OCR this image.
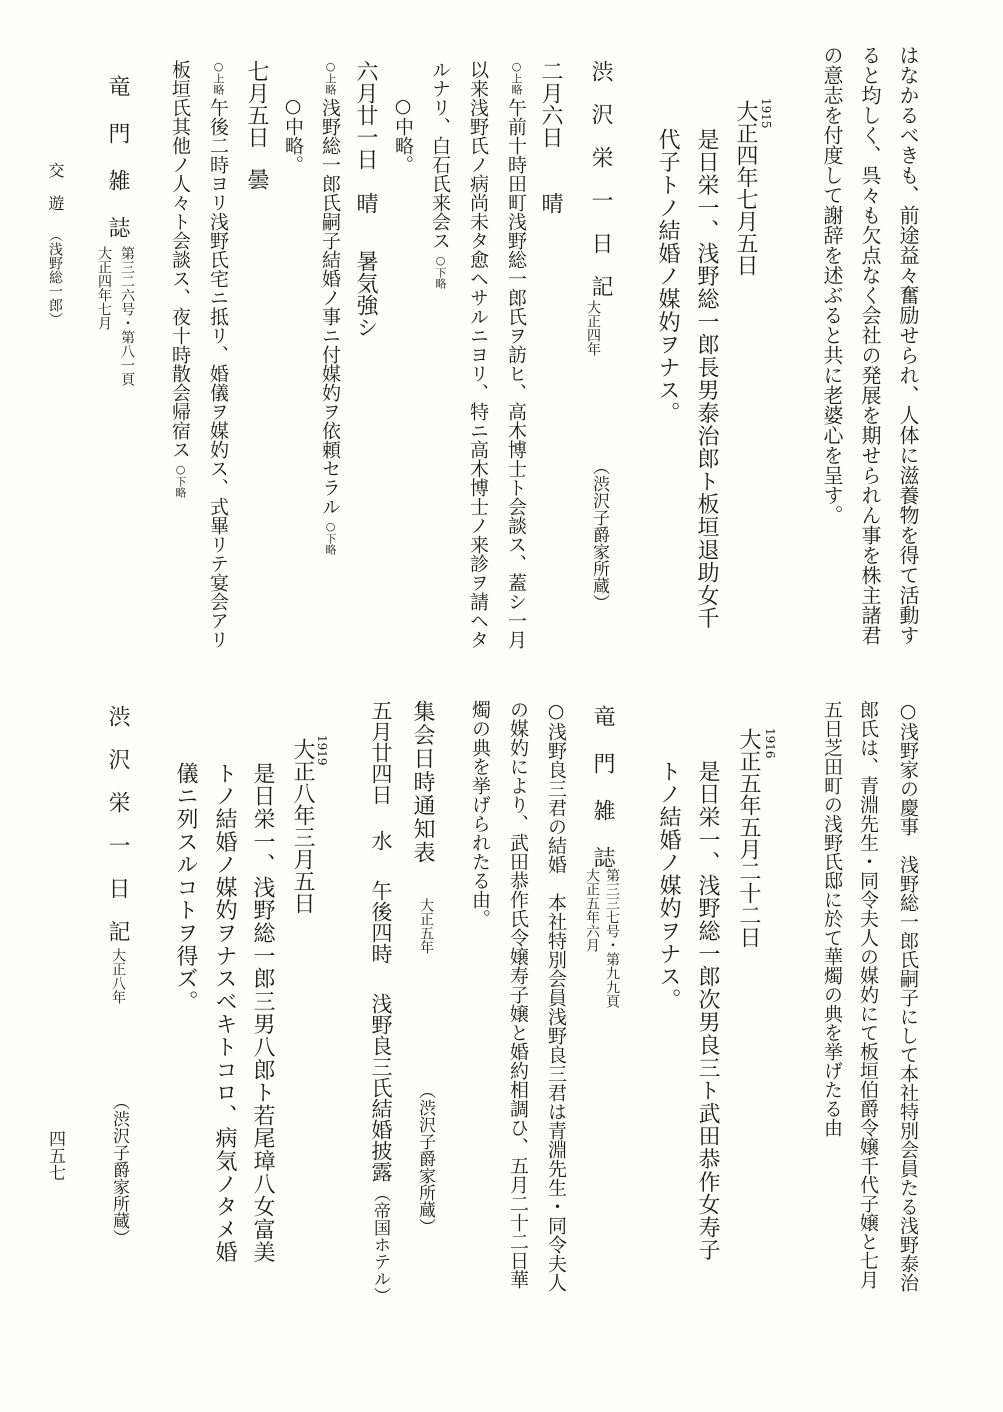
はなかるべきも、前途益々奮励せられ、人体に滋養物を得て活動す
ると均しく、呉々も欠点なく会社の発展を期せられん事を株主諸君
の意志を付度して謝辞を述ぶると共に老婆心を呈す。
1915
大正四年七月五日
是日栄一、浅野総一郎長男泰治郎ト板垣退助女千
代子トノ結婚ノ媒妁ヲナス。
渋沢栄一日記
大正四年
（渋沢子爵家所蔵）
二月六日
晴
○上略午前十時田町浅野総一郎氏ヲ訪ヒ、高木博士ト会談ス、蓋シ一月
以来浅野氏ノ病尚未タ愈ヘサルニヨリ、特ニ高木博士ノ来診ヲ請ヘタ
ルナリ、白石氏来会ス○下略
○中略。
六月廿一日
晴
暑気強シ
○上略浅野総一郎氏嗣子結婚ノ事ニ付媒妁ヲ依頼セラル○下略
○中略。
七月五日
曇
○上略午後二時ヨリ浅野氏宅ニ抵リ、婚儀ヲ媒妁ス、式畢リテ宴会アリ
板垣氏其他ノ人々ト会談ス、夜十時散会帰宿ス○下略
竜門雑誌
第三二六号・第八一頁
大正四年七月
交遊
（浅野総一郎）
○浅野家の慶事浅野総一郎氏嗣子にして本社特別会員たる浅野泰治
郎氏は、青淵先生・同令夫人の媒妁にて板垣伯爵令嬢千代子嬢と七月
五日芝田町の浅野氏邸に於て華燭の典を挙げたる由
1916
大正五年五月二十二日
是日栄一、浅野総一郎次男良三ト武田恭作女寿子
トノ結婚ノ媒妁ヲナス。
竜門雑誌
第三三七号・第九九頁
大正五年六月
○浅野良三君の結婚本社特別会員浅野良三君は青淵先生・同令夫人
の媒妁により、武田恭作氏令嬢寿子嬢と婚約相調ひ、五月二十二日華
燭の典を挙げられたる由。
集会日時通知表
大正五年
（渋沢子爵家所蔵）
五月廿四日
水
午後四時
浅野良三氏結婚披露
（帝国ホテル）
1919
大正八年三月五日
是日栄一、浅野総一郎三男八郎ト若尾璋八女富美
トノ結婚ノ媒妁ヲナスベキトコロ、病気ノタメ婚
儀ニ列スルコトヲ得ズ。
渋沢栄一日記
大正八年
（渋沢子爵家所蔵）
四五七
